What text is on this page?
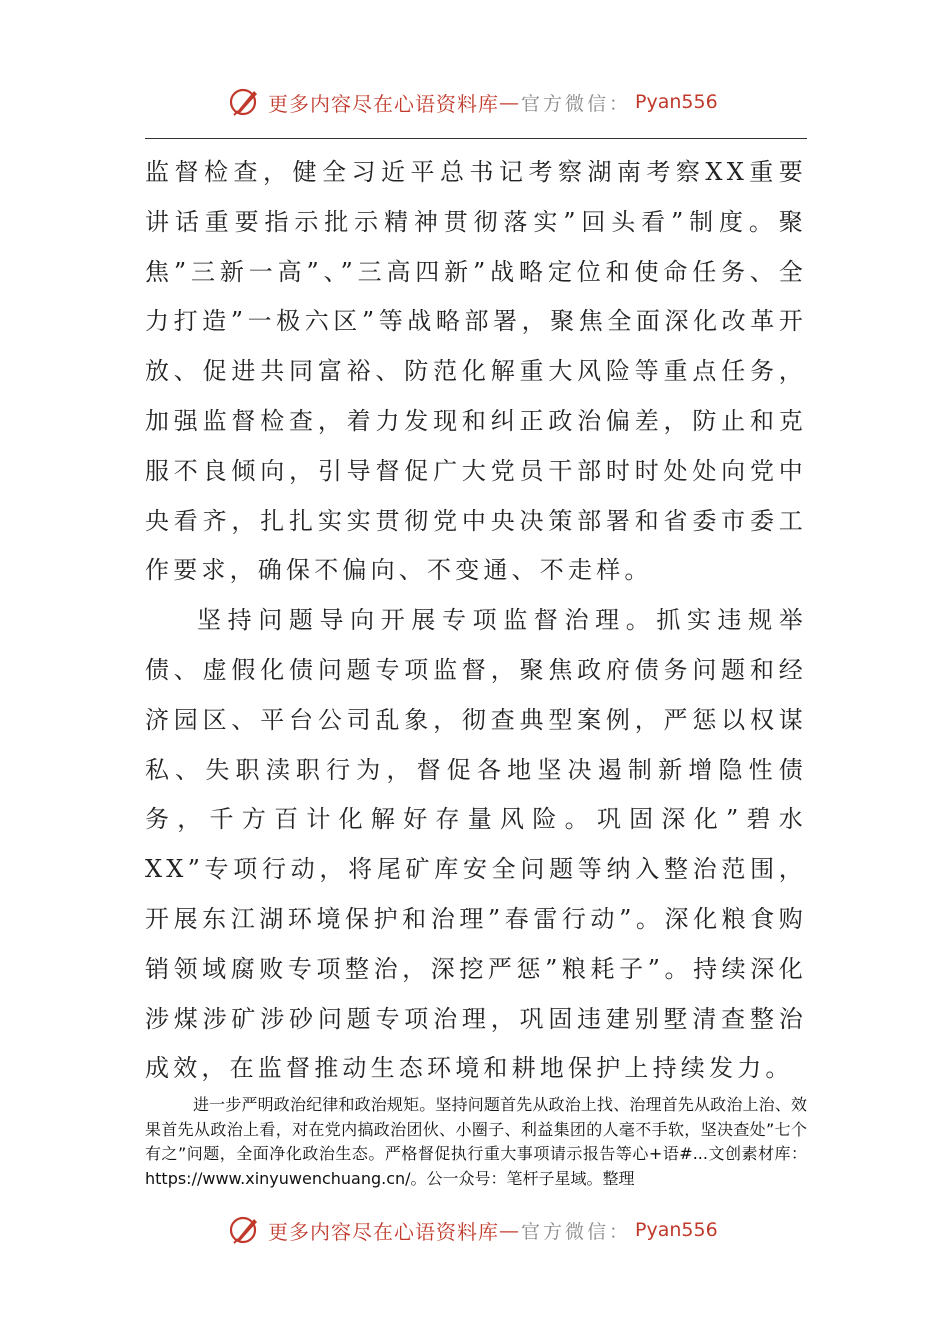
更多内容尽在心语资料库 — 官方微信： Pyan556

监督检查，健全习近平总书记考察湖南考察XX重要讲话重要指示批示精神贯彻落实”回头看”制度。聚焦”三新一高”、”三高四新”战略定位和使命任务、全力打造”一极六区”等战略部署，聚焦全面深化改革开放、促进共同富裕、防范化解重大风险等重点任务，加强监督检查，着力发现和纠正政治偏差，防止和克服不良倾向，引导督促广大党员干部时时处处向党中央看齐，扎扎实实贯彻党中央决策部署和省委市委工作要求，确保不偏向、不变通、不走样。

坚持问题导向开展专项监督治理。抓实违规举债、虚假化债问题专项监督，聚焦政府债务问题和经济园区、平台公司乱象，彻查典型案例，严惩以权谋私、失职渎职行为，督促各地坚决遏制新增隐性债务，千方百计化解好存量风险。巩固深化”碧水XX”专项行动，将尾矿库安全问题等纳入整治范围，开展东江湖环境保护和治理”春雷行动”。深化粮食购销领域腐败专项整治，深挖严惩”粮耗子”。持续深化涉煤涉矿涉砂问题专项治理，巩固违建别墅清查整治成效，在监督推动生态环境和耕地保护上持续发力。

进一步严明政治纪律和政治规矩。坚持问题首先从政治上找、治理首先从政治上治、效果首先从政治上看，对在党内搞政治团伙、小圈子、利益集团的人毫不手软，坚决查处”七个有之”问题，全面净化政治生态。严格督促执行重大事项请示报告等心+语#...文创素材库：https://www.xinyuwenchuang.cn/。公一众号：笔杆子星域。整理

更多内容尽在心语资料库 — 官方微信： Pyan556
